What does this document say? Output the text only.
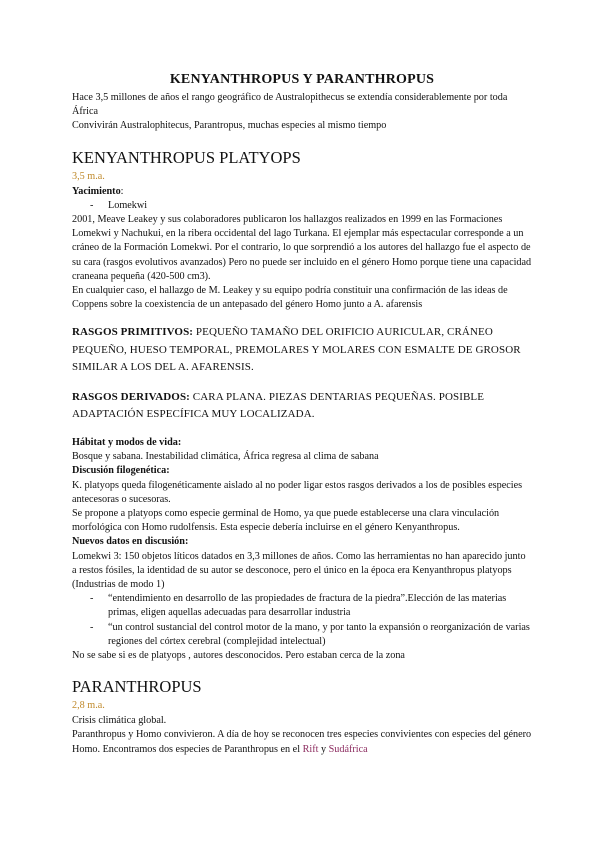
KENYANTHROPUS Y PARANTHROPUS

Hace 3,5 millones de años el rango geográfico de Australopithecus se extendía considerablemente por toda África

Convivirán Australophitecus, Parantropus, muchas especies al mismo tiempo

KENYANTHROPUS PLATYOPS
3,5 m.a.

Yacimiento:

- Lomekwi

2001, Meave Leakey y sus colaboradores publicaron los hallazgos realizados en 1999 en las Formaciones Lomekwi y Nachukui, en la ribera occidental del lago Turkana. El ejemplar más espectacular corresponde a un cráneo de la Formación Lomekwi. Por el contrario, lo que sorprendió a los autores del hallazgo fue el aspecto de su cara (rasgos evolutivos avanzados) Pero no puede ser incluido en el género Homo porque tiene una capacidad craneana pequeña (420-500 cm3).

En cualquier caso, el hallazgo de M. Leakey y su equipo podría constituir una confirmación de las ideas de Coppens sobre la coexistencia de un antepasado del género Homo junto a A. afarensis

RASGOS PRIMITIVOS: PEQUEÑO TAMAÑO DEL ORIFICIO AURICULAR, CRÁNEO PEQUEÑO, HUESO TEMPORAL, PREMOLARES Y MOLARES CON ESMALTE DE GROSOR SIMILAR A LOS DEL A. AFARENSIS.

RASGOS DERIVADOS: CARA PLANA. PIEZAS DENTARIAS PEQUEÑAS. POSIBLE ADAPTACIÓN ESPECÍFICA MUY LOCALIZADA.

Hábitat y modos de vida:

Bosque y sabana. Inestabilidad climática, África regresa al clima de sabana

Discusión filogenética:

K. platyops queda filogenéticamente aislado al no poder ligar estos rasgos derivados a los de posibles especies antecesoras o sucesoras.

Se propone a platyops como especie germinal de Homo, ya que puede establecerse una clara vinculación morfológica con Homo rudolfensis. Esta especie debería incluirse en el género Kenyanthropus.

Nuevos datos en discusión:

Lomekwi 3: 150 objetos líticos datados en 3,3 millones de años. Como las herramientas no han aparecido junto a restos fósiles, la identidad de su autor se desconoce, pero el único en la época era Kenyanthropus platyops (Industrias de modo 1)

- “entendimiento en desarrollo de las propiedades de fractura de la piedra”.Elección de las materias primas, eligen aquellas adecuadas para desarrollar industria
- “un control sustancial del control motor de la mano, y por tanto la expansión o reorganización de varias regiones del córtex cerebral (complejidad intelectual)

No se sabe si es de platyops , autores desconocidos. Pero estaban cerca de la zona

PARANTHROPUS
2,8 m.a.

Crisis climática global.

Paranthropus y Homo convivieron. A día de hoy se reconocen tres especies convivientes con especies del género Homo. Encontramos dos especies de Paranthropus en el Rift y Sudáfrica
